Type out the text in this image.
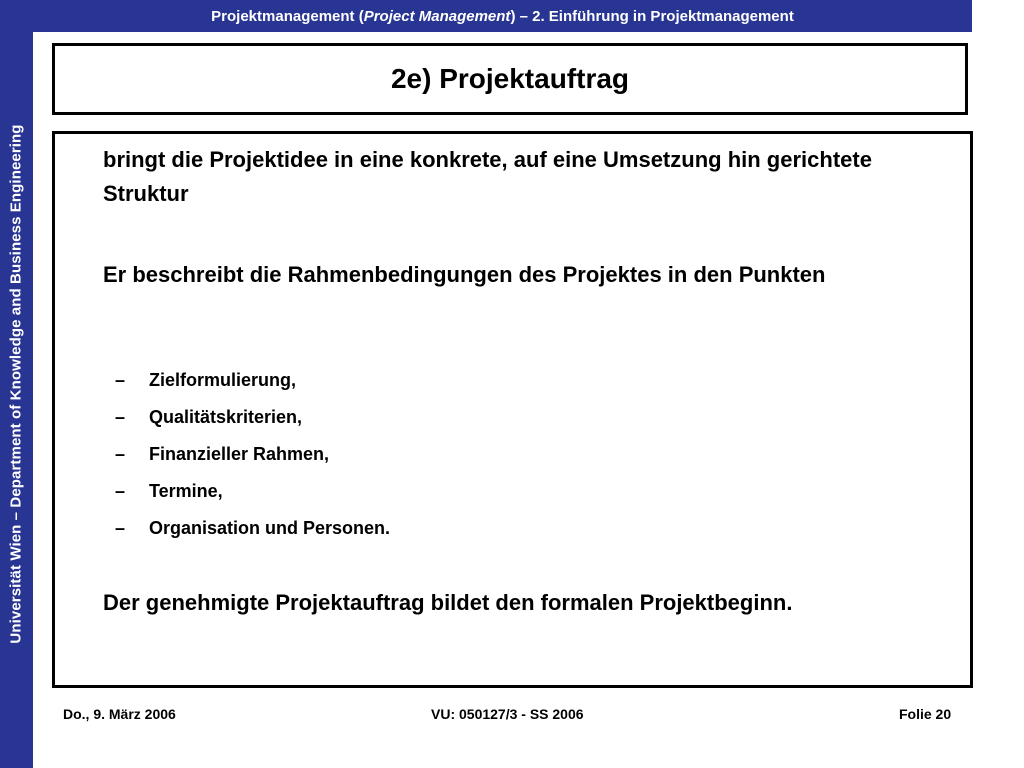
Universität Wien – Department of Knowledge and Business Engineering
Projektmanagement ( Project Management ) – 2. Einführung in Projektmanagement
2e) Projektauftrag
bringt die Projektidee in eine konkrete, auf eine Umsetzung hin gerichtete Struktur
Er beschreibt die Rahmenbedingungen des Projektes in den Punkten
– Zielformulierung,
– Qualitätskriterien,
– Finanzieller Rahmen,
– Termine,
– Organisation und Personen.
Der genehmigte Projektauftrag bildet den formalen Projektbeginn.
Do., 9. März 2006	VU: 050127/3 - SS 2006	Folie 20
